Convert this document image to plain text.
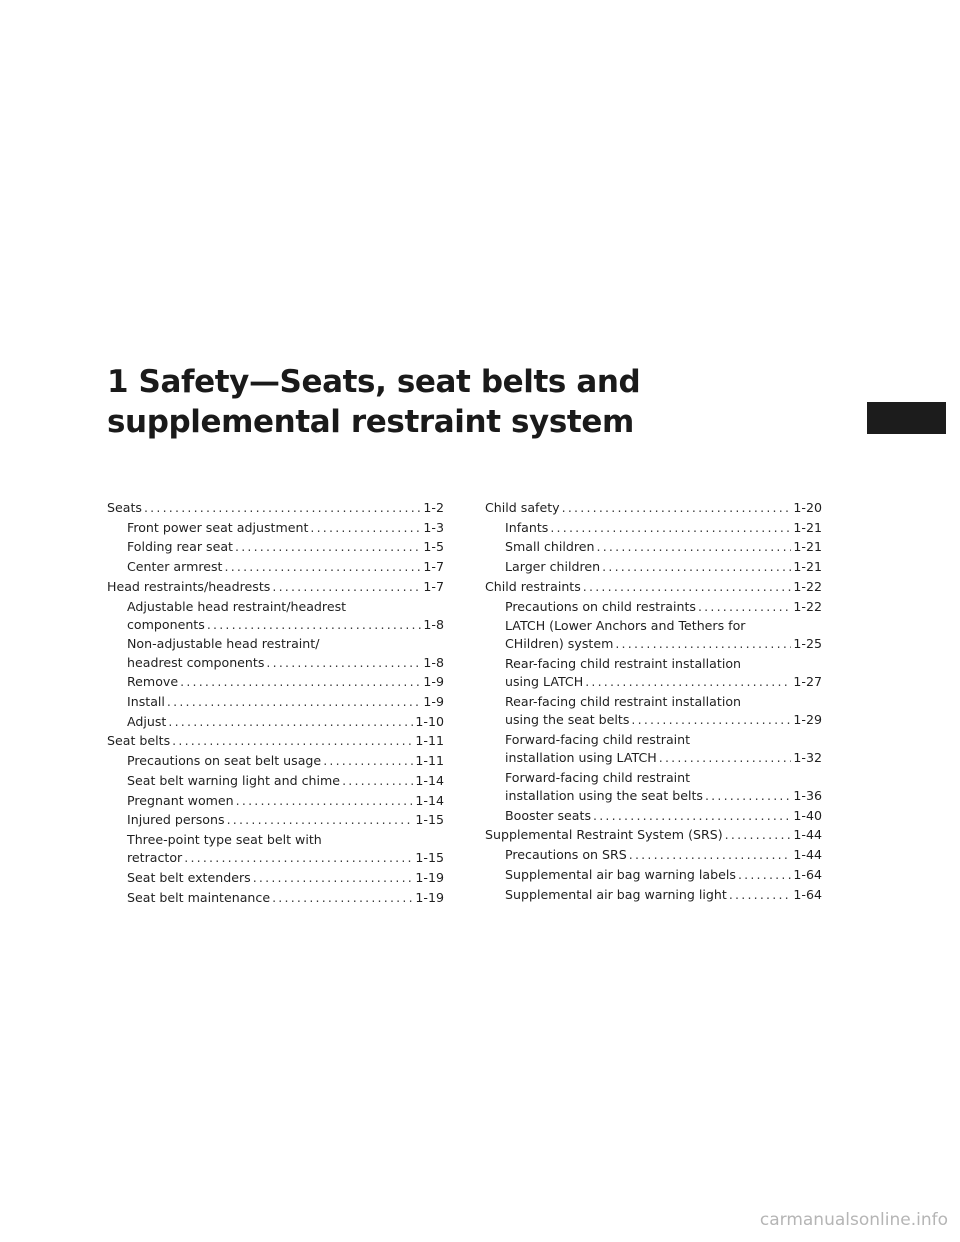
1 Safety—Seats, seat belts and
supplemental restraint system
Seats .....	1-2
Front power seat adjustment .....	1-3
Folding rear seat .....	1-5
Center armrest .....	1-7
Head restraints/headrests .....	1-7
Adjustable head restraint/headrest
components .....	1-8
Non-adjustable head restraint/
headrest components .....	1-8
Remove .....	1-9
Install .....	1-9
Adjust .....	1-10
Seat belts .....	1-11
Precautions on seat belt usage .....	1-11
Seat belt warning light and chime .....	1-14
Pregnant women .....	1-14
Injured persons .....	1-15
Three-point type seat belt with
retractor .....	1-15
Seat belt extenders .....	1-19
Seat belt maintenance .....	1-19
Child safety .....	1-20
Infants .....	1-21
Small children .....	1-21
Larger children .....	1-21
Child restraints .....	1-22
Precautions on child restraints .....	1-22
LATCH (Lower Anchors and Tethers for
CHildren) system .....	1-25
Rear-facing child restraint installation
using LATCH .....	1-27
Rear-facing child restraint installation
using the seat belts .....	1-29
Forward-facing child restraint
installation using LATCH .....	1-32
Forward-facing child restraint
installation using the seat belts .....	1-36
Booster seats .....	1-40
Supplemental Restraint System (SRS) .....	1-44
Precautions on SRS .....	1-44
Supplemental air bag warning labels .....	1-64
Supplemental air bag warning light .....	1-64
carmanualsonline.info
